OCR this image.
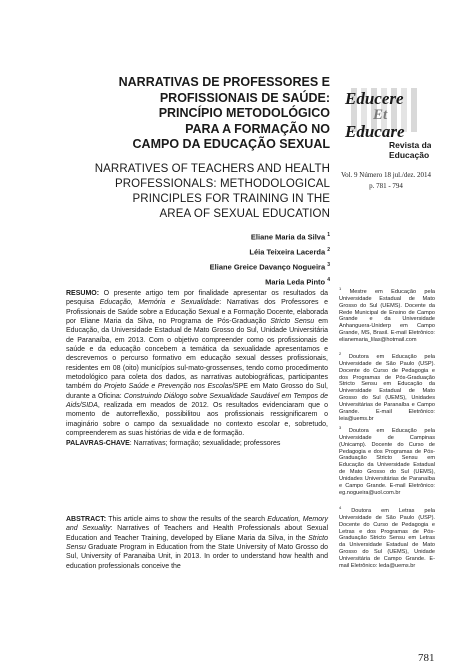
NARRATIVAS DE PROFESSORES E
PROFISSIONAIS DE SAÚDE:
PRINCÍPIO METODOLÓGICO
PARA A FORMAÇÃO NO
CAMPO DA EDUCAÇÃO SEXUAL
Educere
Et
Educare
Revista da
Educação
NARRATIVES OF TEACHERS AND HEALTH
PROFESSIONALS: METHODOLOGICAL
PRINCIPLES FOR TRAINING IN THE
AREA OF SEXUAL EDUCATION
Vol. 9 Número 18 jul./dez. 2014
p. 781 - 794
Eliane Maria da Silva $^1$
Léia Teixeira Lacerda $^2$
Eliane Greice Davanço Nogueira $^3$
Maria Leda Pinto $^4$

RESUMO: O presente artigo tem por finalidade apresentar os resultados da pesquisa Educação, Memória e Sexualidade: Narrativas dos Professores e Profissionais de Saúde sobre a Educação Sexual e a Formação Docente, elaborada por Eliane Maria da Silva, no Programa de Pós-Graduação Stricto Sensu em Educação, da Universidade Estadual de Mato Grosso do Sul, Unidade Universitária de Paranaíba, em 2013. Com o objetivo compreender como os profissionais de saúde e da educação concebem a temática da sexualidade apresentamos e descrevemos o percurso formativo em educação sexual desses profissionais, residentes em 08 (oito) municípios sul-mato-grossenses, tendo como procedimento metodológico para coleta dos dados, as narrativas autobiográficas, participantes também do Projeto Saúde e Prevenção nos Escolas/SPE em Mato Grosso do Sul, durante a Oficina: Construindo Diálogo sobre Sexualidade Saudável em Tempos de Aids/SIDA, realizada em meados de 2012. Os resultados evidenciaram que o momento de autorreflexão, possibilitou aos profissionais ressignificarem o imaginário sobre o campo da sexualidade no contexto escolar e, sobretudo, compreenderem as suas histórias de vida e de formação.

PALAVRAS-CHAVE: Narrativas; formação; sexualidade; professores

ABSTRACT: This article aims to show the results of the search Education, Memory and Sexuality: Narratives of Teachers and Health Professionals about Sexual Education and Teacher Training, developed by Eliane Maria da Silva, in the Stricto Sensu Graduate Program in Education from the State University of Mato Grosso do Sul, University of Paranaiba Unit, in 2013. In order to understand how health and education professionals conceive the

$^1$ Mestre em Educação pela Universidade Estadual de Mato Grosso do Sul (UEMS). Docente da Rede Municipal de Ensino de Campo Grande e da Universidade Anhanguera-Uniderp em Campo Grande, MS, Brasil. E-mail Eletrônico: elianemaria_lilas@hotmail.com
$^2$ Doutora em Educação pela Universidade de São Paulo (USP). Docente do Curso de Pedagogia e dos Programas de Pós-Graduação Stricto Sensu em Educação da Universidade Estadual de Mato Grosso do Sul (UEMS), Unidades Universitárias de Paranaíba e Campo Grande. E-mail Eletrônico: leia@uems.br
$^3$ Doutora em Educação pela Universidade de Campinas (Unicamp). Docente do Curso de Pedagogia e dos Programas de Pós-Graduação Stricto Sensu em Educação da Universidade Estadual de Mato Grosso do Sul (UEMS), Unidades Universitárias de Paranaíba e Campo Grande. E-mail Eletrônico: eg.nogueira@uol.com.br
$^4$ Doutora em Letras pela Universidade de São Paulo (USP). Docente do Curso de Pedagogia e Letras e dos Programas de Pós-Graduação Stricto Sensu em Letras da Universidade Estadual de Mato Grosso do Sul (UEMS), Unidade Universitária de Campo Grande. E-mail Eletrônico: leda@uems.br
781
